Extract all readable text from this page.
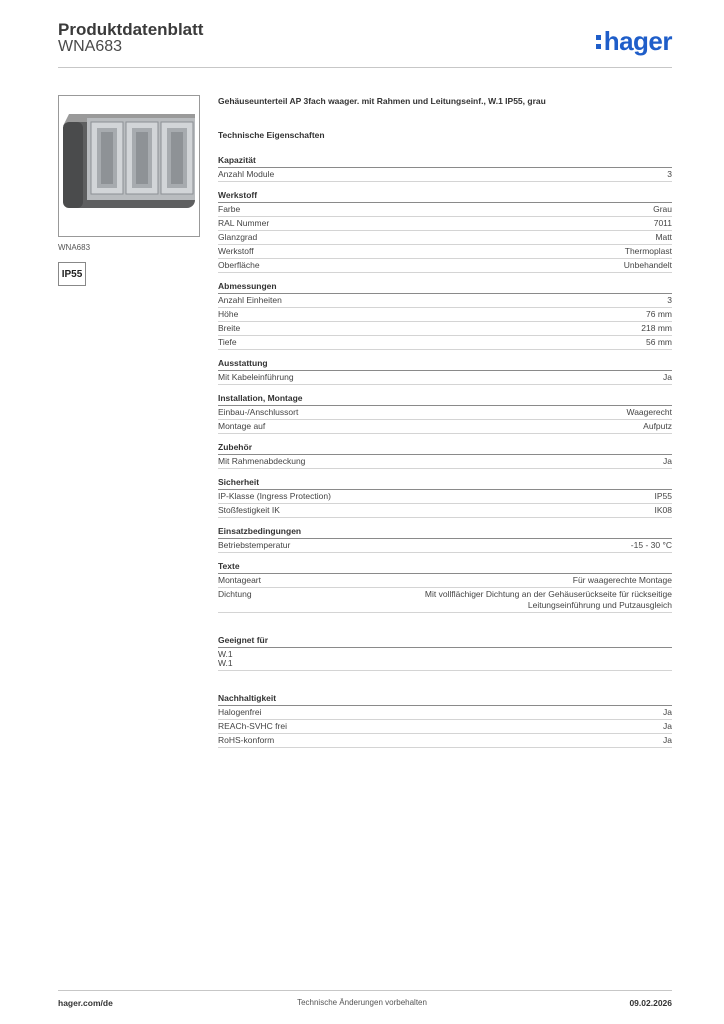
Produktdatenblatt
WNA683	hager
WNA683
IP55
Gehäuseunterteil AP 3fach waager. mit Rahmen und Leitungseinf., W.1 IP55, grau
Technische Eigenschaften
Kapazität
Anzahl Module	3
Werkstoff
Farbe	Grau
RAL Nummer	7011
Glanzgrad	Matt
Werkstoff	Thermoplast
Oberfläche	Unbehandelt
Abmessungen
Anzahl Einheiten	3
Höhe	76 mm
Breite	218 mm
Tiefe	56 mm
Ausstattung
Mit Kabeleinführung	Ja
Installation, Montage
Einbau-/Anschlussort	Waagerecht
Montage auf	Aufputz
Zubehör
Mit Rahmenabdeckung	Ja
Sicherheit
IP-Klasse (Ingress Protection)	IP55
Stoßfestigkeit IK	IK08
Einsatzbedingungen
Betriebstemperatur	-15 - 30 °C
Texte
Montageart	Für waagerechte Montage
Dichtung	Mit vollflächiger Dichtung an der Gehäuserückseite für rückseitige Leitungseinführung und Putzausgleich
Geeignet für
W.1
W.1
Nachhaltigkeit
Halogenfrei	Ja
REACh-SVHC frei	Ja
RoHS-konform	Ja
hager.com/de	Technische Änderungen vorbehalten	09.02.2026
